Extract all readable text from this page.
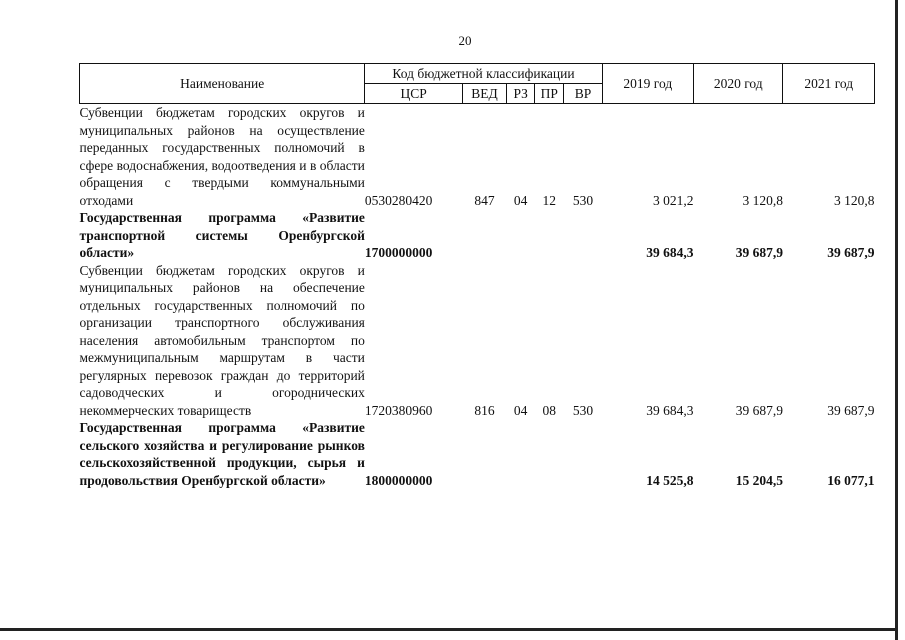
20
Наименование	Код бюджетной классификации					2019 год	2020 год	2021 год
	ЦСР	ВЕД	РЗ	ПР	ВР			
Субвенции бюджетам городских округов и муниципальных районов на осуществление переданных государственных полномочий в сфере водоснабжения, водоотведения и в области обращения с твердыми коммунальными отходами	0530280420	847	04	12	530	3 021,2	3 120,8	3 120,8
Государственная программа «Развитие транспортной системы Оренбургской области»	1700000000					39 684,3	39 687,9	39 687,9
Субвенции бюджетам городских округов и муниципальных районов на обеспечение отдельных государственных полномочий по организации транспортного обслуживания населения автомобильным транспортом по межмуниципальным маршрутам в части регулярных перевозок граждан до территорий садоводческих и огороднических некоммерческих товариществ	1720380960	816	04	08	530	39 684,3	39 687,9	39 687,9
Государственная программа «Развитие сельского хозяйства и регулирование рынков сельскохозяйственной продукции, сырья и продовольствия Оренбургской области»	1800000000					14 525,8	15 204,5	16 077,1
